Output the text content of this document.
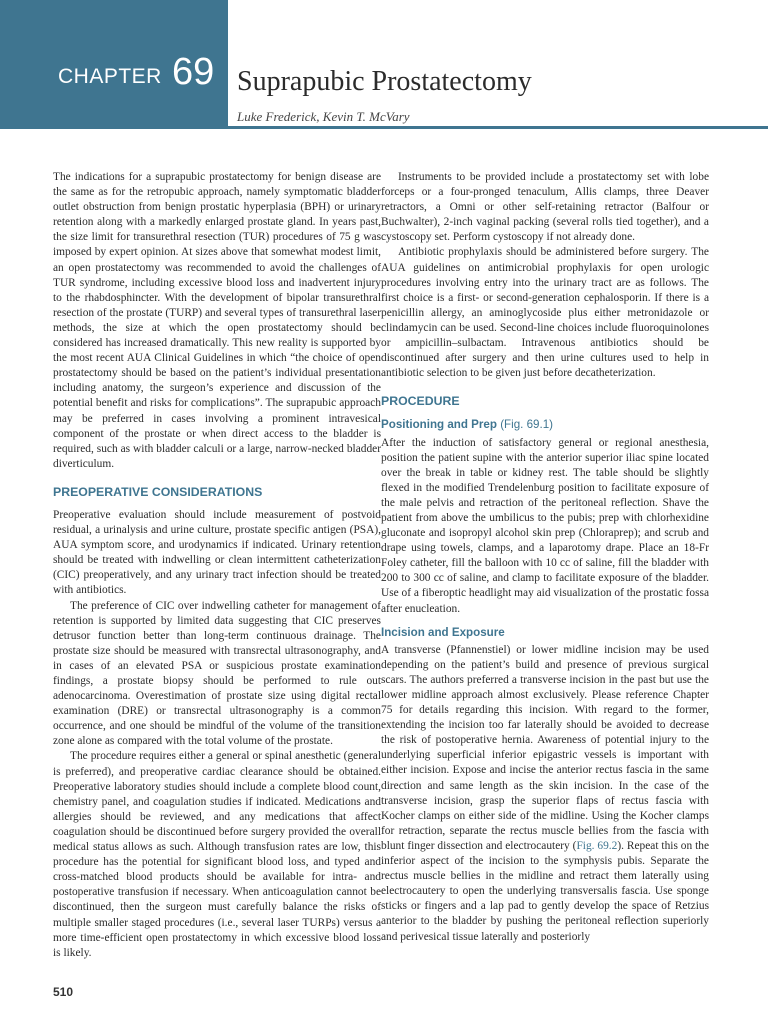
CHAPTER 69 Suprapubic Prostatectomy
Luke Frederick, Kevin T. McVary

The indications for a suprapubic prostatectomy for benign disease are the same as for the retropubic approach, namely symptomatic bladder outlet obstruction from benign prostatic hyperplasia (BPH) or urinary retention along with a markedly enlarged prostate gland. In years past, the size limit for transurethral resection (TUR) procedures of 75 g was imposed by expert opinion. At sizes above that somewhat modest limit, an open prostatectomy was recommended to avoid the challenges of TUR syndrome, including excessive blood loss and inadvertent injury to the rhabdosphincter. With the development of bipolar transurethral resection of the prostate (TURP) and several types of transurethral laser methods, the size at which the open prostatectomy should be considered has increased dramatically. This new reality is supported by the most recent AUA Clinical Guidelines in which “the choice of open prostatectomy should be based on the patient’s individual presentation including anatomy, the surgeon’s experience and discussion of the potential benefit and risks for complications”. The suprapubic approach may be preferred in cases involving a prominent intravesical component of the prostate or when direct access to the bladder is required, such as with bladder calculi or a large, narrow-necked bladder diverticulum.

PREOPERATIVE CONSIDERATIONS

Preoperative evaluation should include measurement of postvoid residual, a urinalysis and urine culture, prostate specific antigen (PSA), AUA symptom score, and urodynamics if indicated. Urinary retention should be treated with indwelling or clean intermittent catheterization (CIC) preoperatively, and any urinary tract infection should be treated with antibiotics.

The preference of CIC over indwelling catheter for management of retention is supported by limited data suggesting that CIC preserves detrusor function better than long-term continuous drainage. The prostate size should be measured with transrectal ultrasonography, and in cases of an elevated PSA or suspicious prostate examination findings, a prostate biopsy should be performed to rule out adenocarcinoma. Overestimation of prostate size using digital rectal examination (DRE) or transrectal ultrasonography is a common occurrence, and one should be mindful of the volume of the transition zone alone as compared with the total volume of the prostate.

The procedure requires either a general or spinal anesthetic (general is preferred), and preoperative cardiac clearance should be obtained. Preoperative laboratory studies should include a complete blood count, chemistry panel, and coagulation studies if indicated. Medications and allergies should be reviewed, and any medications that affect coagulation should be discontinued before surgery provided the overall medical status allows as such. Although transfusion rates are low, this procedure has the potential for significant blood loss, and typed and cross-matched blood products should be available for intra- and postoperative transfusion if necessary. When anticoagulation cannot be discontinued, then the surgeon must carefully balance the risks of multiple smaller staged procedures (i.e., several laser TURPs) versus a more time-efficient open prostatectomy in which excessive blood loss is likely.

Instruments to be provided include a prostatectomy set with lobe forceps or a four-pronged tenaculum, Allis clamps, three Deaver retractors, a Omni or other self-retaining retractor (Balfour or Buchwalter), 2-inch vaginal packing (several rolls tied together), and a cystoscopy set. Perform cystoscopy if not already done.

Antibiotic prophylaxis should be administered before surgery. The AUA guidelines on antimicrobial prophylaxis for open urologic procedures involving entry into the urinary tract are as follows. The first choice is a first- or second-generation cephalosporin. If there is a penicillin allergy, an aminoglycoside plus either metronidazole or clindamycin can be used. Second-line choices include fluoroquinolones or ampicillin–sulbactam. Intravenous antibiotics should be discontinued after surgery and then urine cultures used to help in antibiotic selection to be given just before decatheterization.

PROCEDURE
Positioning and Prep (Fig. 69.1)

After the induction of satisfactory general or regional anesthesia, position the patient supine with the anterior superior iliac spine located over the break in table or kidney rest. The table should be slightly flexed in the modified Trendelenburg position to facilitate exposure of the male pelvis and retraction of the peritoneal reflection. Shave the patient from above the umbilicus to the pubis; prep with chlorhexidine gluconate and isopropyl alcohol skin prep (Chloraprep); and scrub and drape using towels, clamps, and a laparotomy drape. Place an 18-Fr Foley catheter, fill the balloon with 10 cc of saline, fill the bladder with 200 to 300 cc of saline, and clamp to facilitate exposure of the bladder. Use of a fiberoptic headlight may aid visualization of the prostatic fossa after enucleation.

Incision and Exposure

A transverse (Pfannenstiel) or lower midline incision may be used depending on the patient’s build and presence of previous surgical scars. The authors preferred a transverse incision in the past but use the lower midline approach almost exclusively. Please reference Chapter 75 for details regarding this incision. With regard to the former, extending the incision too far laterally should be avoided to decrease the risk of postoperative hernia. Awareness of potential injury to the underlying superficial inferior epigastric vessels is important with either incision. Expose and incise the anterior rectus fascia in the same direction and same length as the skin incision. In the case of the transverse incision, grasp the superior flaps of rectus fascia with Kocher clamps on either side of the midline. Using the Kocher clamps for retraction, separate the rectus muscle bellies from the fascia with blunt finger dissection and electrocautery (Fig. 69.2). Repeat this on the inferior aspect of the incision to the symphysis pubis. Separate the rectus muscle bellies in the midline and retract them laterally using electrocautery to open the underlying transversalis fascia. Use sponge sticks or fingers and a lap pad to gently develop the space of Retzius anterior to the bladder by pushing the peritoneal reflection superiorly and perivesical tissue laterally and posteriorly

510
